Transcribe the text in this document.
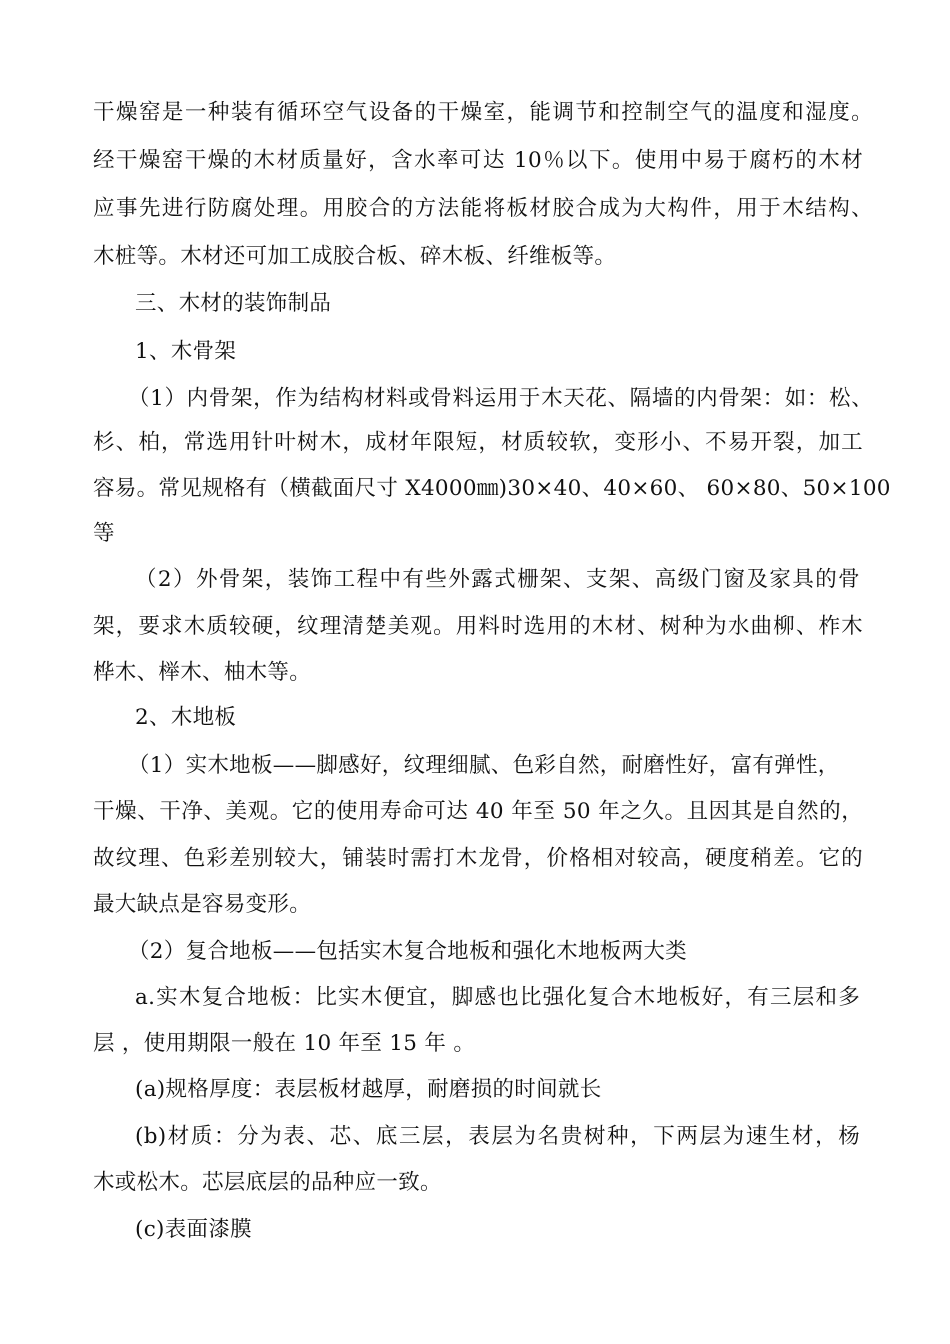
干燥窑是一种装有循环空气设备的干燥室，能调节和控制空气的温度和湿度。
经干燥窑干燥的木材质量好，含水率可达 10％以下。使用中易于腐朽的木材
应事先进行防腐处理。用胶合的方法能将板材胶合成为大构件，用于木结构、
木桩等。木材还可加工成胶合板、碎木板、纤维板等。
三、木材的装饰制品
1、木骨架
（1）内骨架，作为结构材料或骨料运用于木天花、隔墙的内骨架：如：松、
杉、柏，常选用针叶树木，成材年限短，材质较软，变形小、不易开裂，加工
容易。常见规格有（横截面尺寸 X4000㎜)30×40、40×60、 60×80、50×100
等
（2）外骨架，装饰工程中有些外露式栅架、支架、高级门窗及家具的骨
架，要求木质较硬，纹理清楚美观。用料时选用的木材、树种为水曲柳、柞木
桦木、榉木、柚木等。
2、木地板
（1）实木地板——脚感好，纹理细腻、色彩自然，耐磨性好，富有弹性，
干燥、干净、美观。它的使用寿命可达 40 年至 50 年之久。且因其是自然的，
故纹理、色彩差别较大，铺装时需打木龙骨，价格相对较高，硬度稍差。它的
最大缺点是容易变形。
（2）复合地板——包括实木复合地板和强化木地板两大类
a.实木复合地板：比实木便宜，脚感也比强化复合木地板好，有三层和多
层 ，使用期限一般在 10 年至 15 年 。
(a)规格厚度：表层板材越厚，耐磨损的时间就长
(b)材质：分为表、芯、底三层，表层为名贵树种，下两层为速生材，杨
木或松木。芯层底层的品种应一致。
(c)表面漆膜
